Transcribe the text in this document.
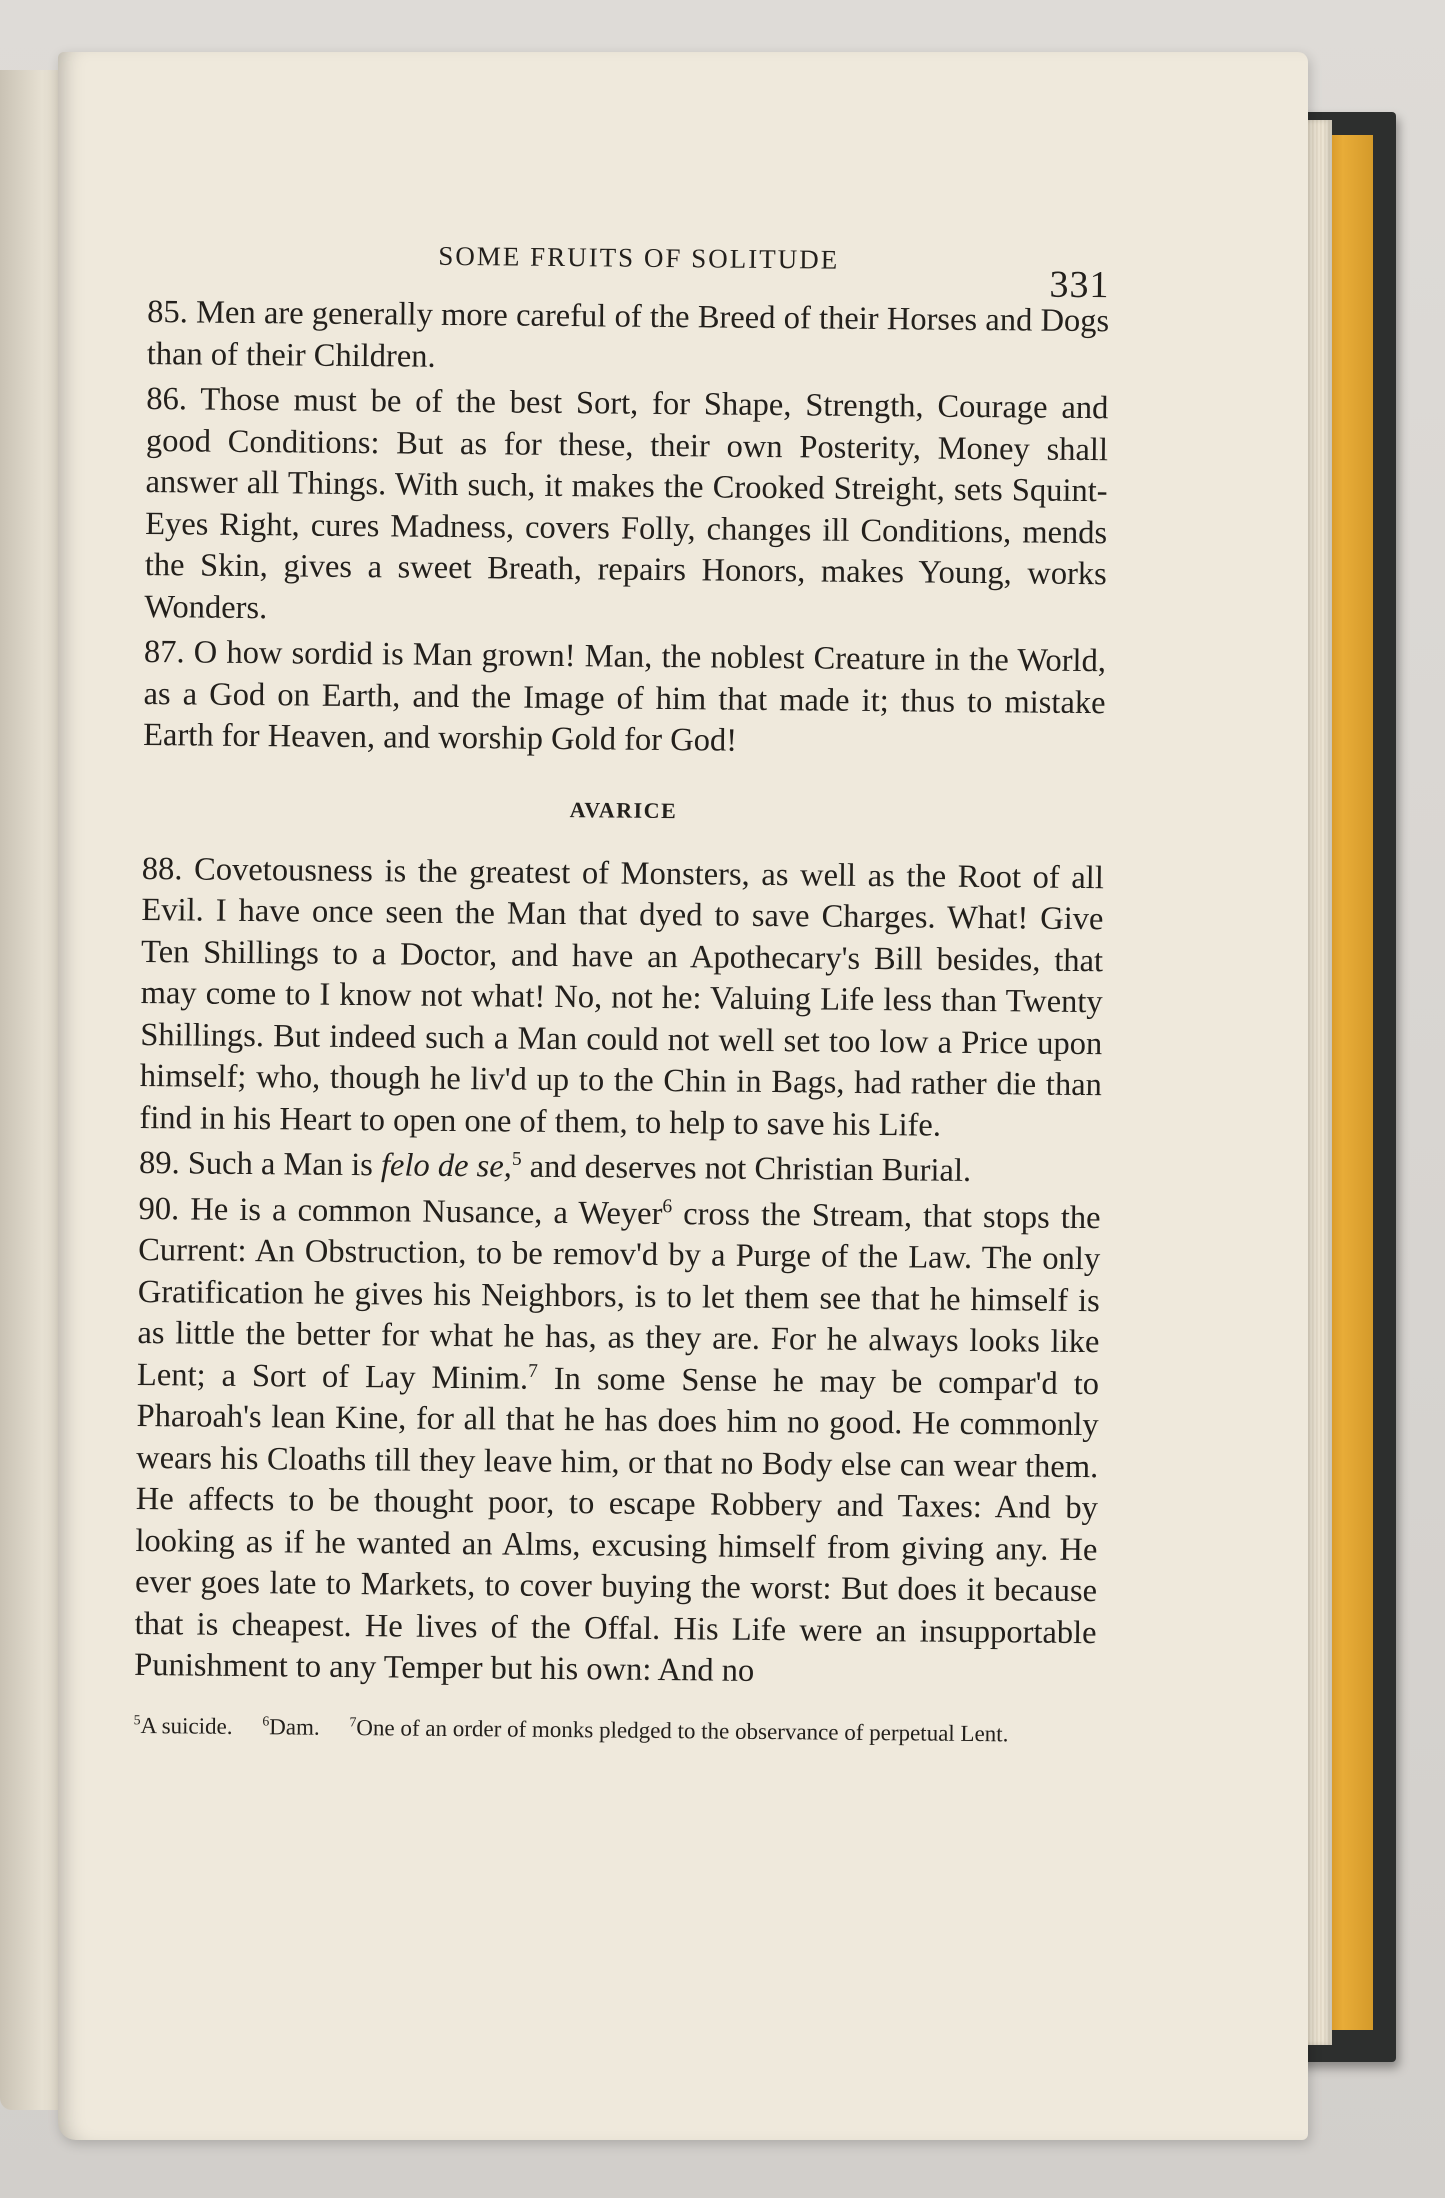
SOME FRUITS OF SOLITUDE
331

85. Men are generally more careful of the Breed of their Horses and Dogs than of their Children.

86. Those must be of the best Sort, for Shape, Strength, Courage and good Conditions: But as for these, their own Posterity, Money shall answer all Things. With such, it makes the Crooked Streight, sets Squint-Eyes Right, cures Madness, covers Folly, changes ill Conditions, mends the Skin, gives a sweet Breath, repairs Honors, makes Young, works Wonders.

87. O how sordid is Man grown! Man, the noblest Creature in the World, as a God on Earth, and the Image of him that made it; thus to mistake Earth for Heaven, and worship Gold for God!

AVARICE

88. Covetousness is the greatest of Monsters, as well as the Root of all Evil. I have once seen the Man that dyed to save Charges. What! Give Ten Shillings to a Doctor, and have an Apothecary's Bill besides, that may come to I know not what! No, not he: Valuing Life less than Twenty Shillings. But indeed such a Man could not well set too low a Price upon himself; who, though he liv'd up to the Chin in Bags, had rather die than find in his Heart to open one of them, to help to save his Life.

89. Such a Man is felo de se,$^5$ and deserves not Christian Burial.

90. He is a common Nusance, a Weyer$^6$ cross the Stream, that stops the Current: An Obstruction, to be remov'd by a Purge of the Law. The only Gratification he gives his Neighbors, is to let them see that he himself is as little the better for what he has, as they are. For he always looks like Lent; a Sort of Lay Minim.$^7$ In some Sense he may be compar'd to Pharoah's lean Kine, for all that he has does him no good. He commonly wears his Cloaths till they leave him, or that no Body else can wear them. He affects to be thought poor, to escape Robbery and Taxes: And by looking as if he wanted an Alms, excusing himself from giving any. He ever goes late to Markets, to cover buying the worst: But does it because that is cheapest. He lives of the Offal. His Life were an insupportable Punishment to any Temper but his own: And no

$^5$A suicide. $^6$Dam. $^7$One of an order of monks pledged to the observance of perpetual Lent.
